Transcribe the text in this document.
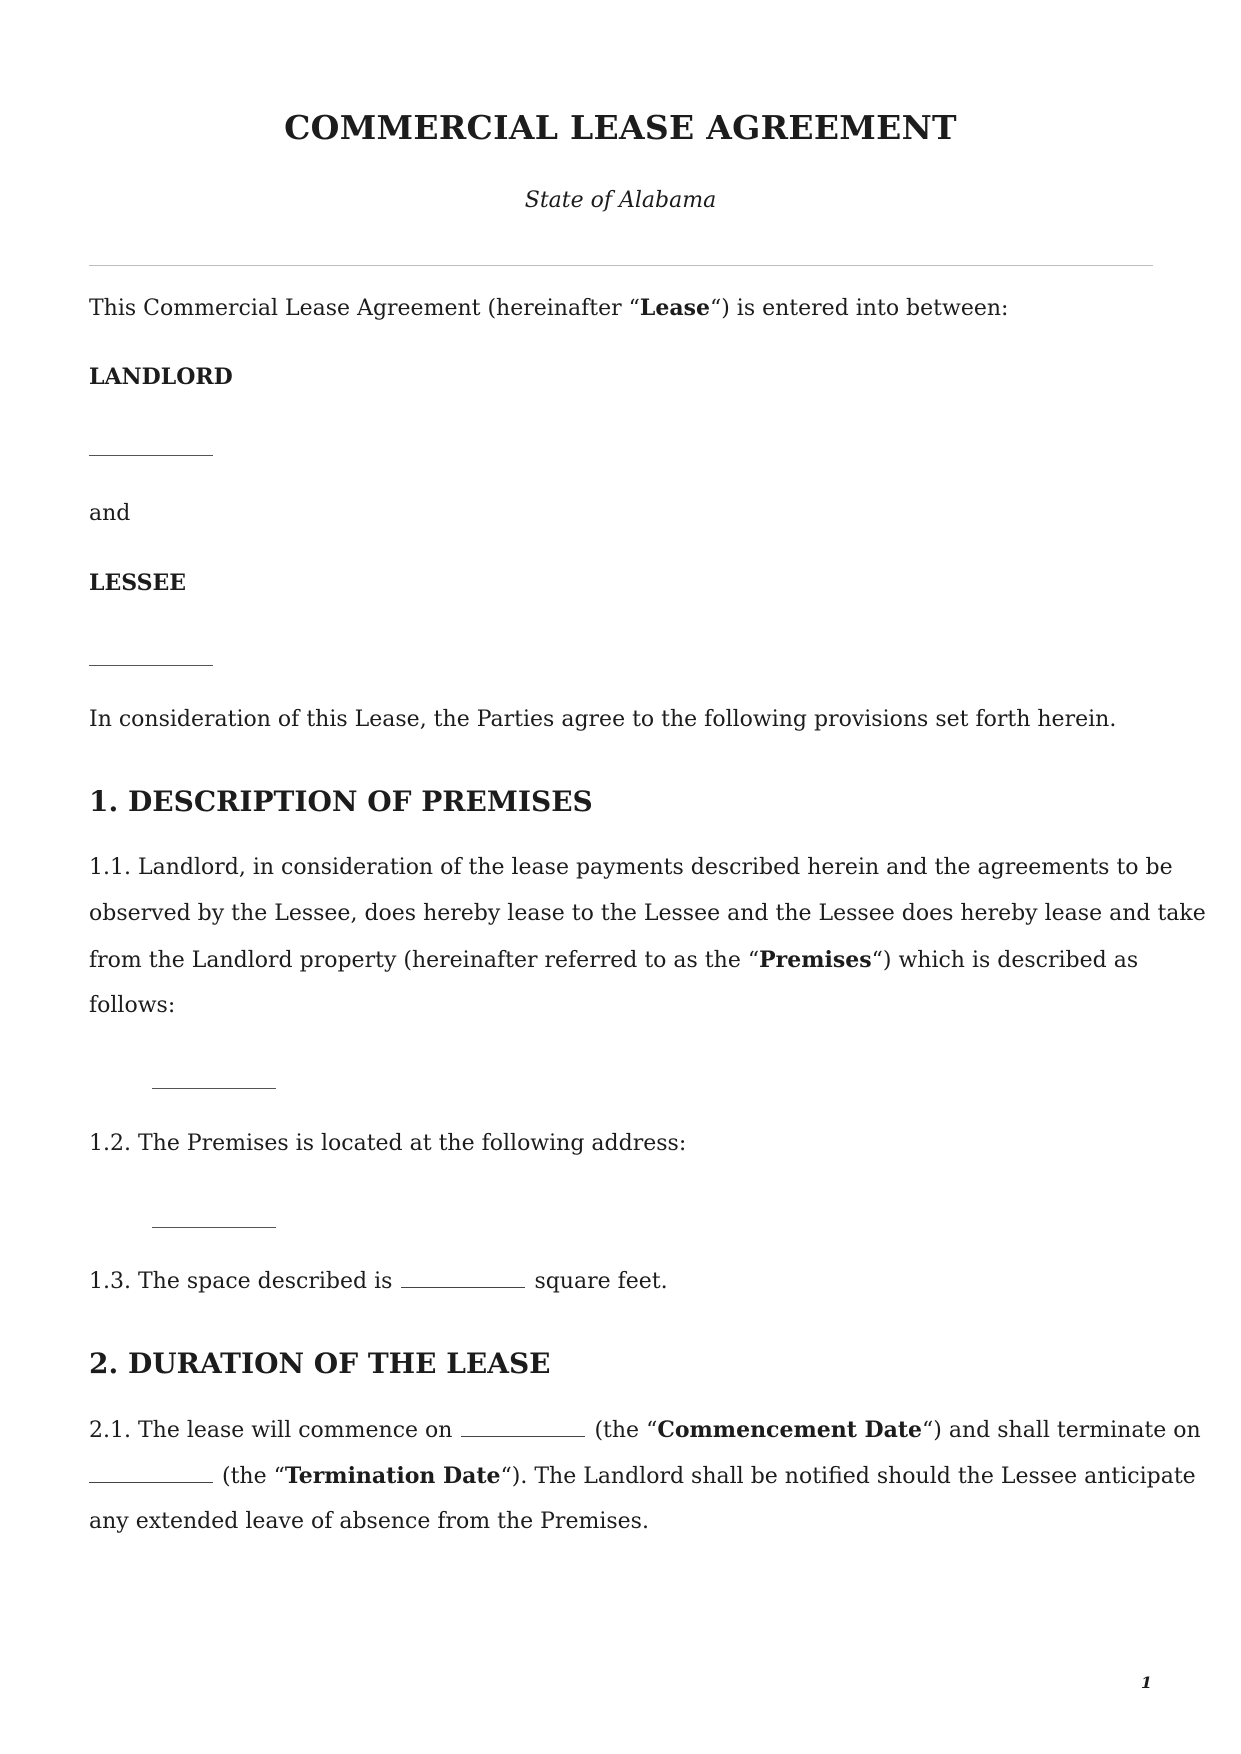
COMMERCIAL LEASE AGREEMENT
State of Alabama
This Commercial Lease Agreement (hereinafter “Lease“) is entered into between:
LANDLORD
and
LESSEE
In consideration of this Lease, the Parties agree to the following provisions set forth herein.
1. DESCRIPTION OF PREMISES
1.1. Landlord, in consideration of the lease payments described herein and the agreements to be
observed by the Lessee, does hereby lease to the Lessee and the Lessee does hereby lease and take
from the Landlord property (hereinafter referred to as the “Premises“) which is described as
follows:
1.2. The Premises is located at the following address:
1.3. The space described is	square feet.
2. DURATION OF THE LEASE
2.1. The lease will commence on	(the “Commencement Date“) and shall terminate on
(the “Termination Date“). The Landlord shall be notified should the Lessee anticipate
any extended leave of absence from the Premises.
1
